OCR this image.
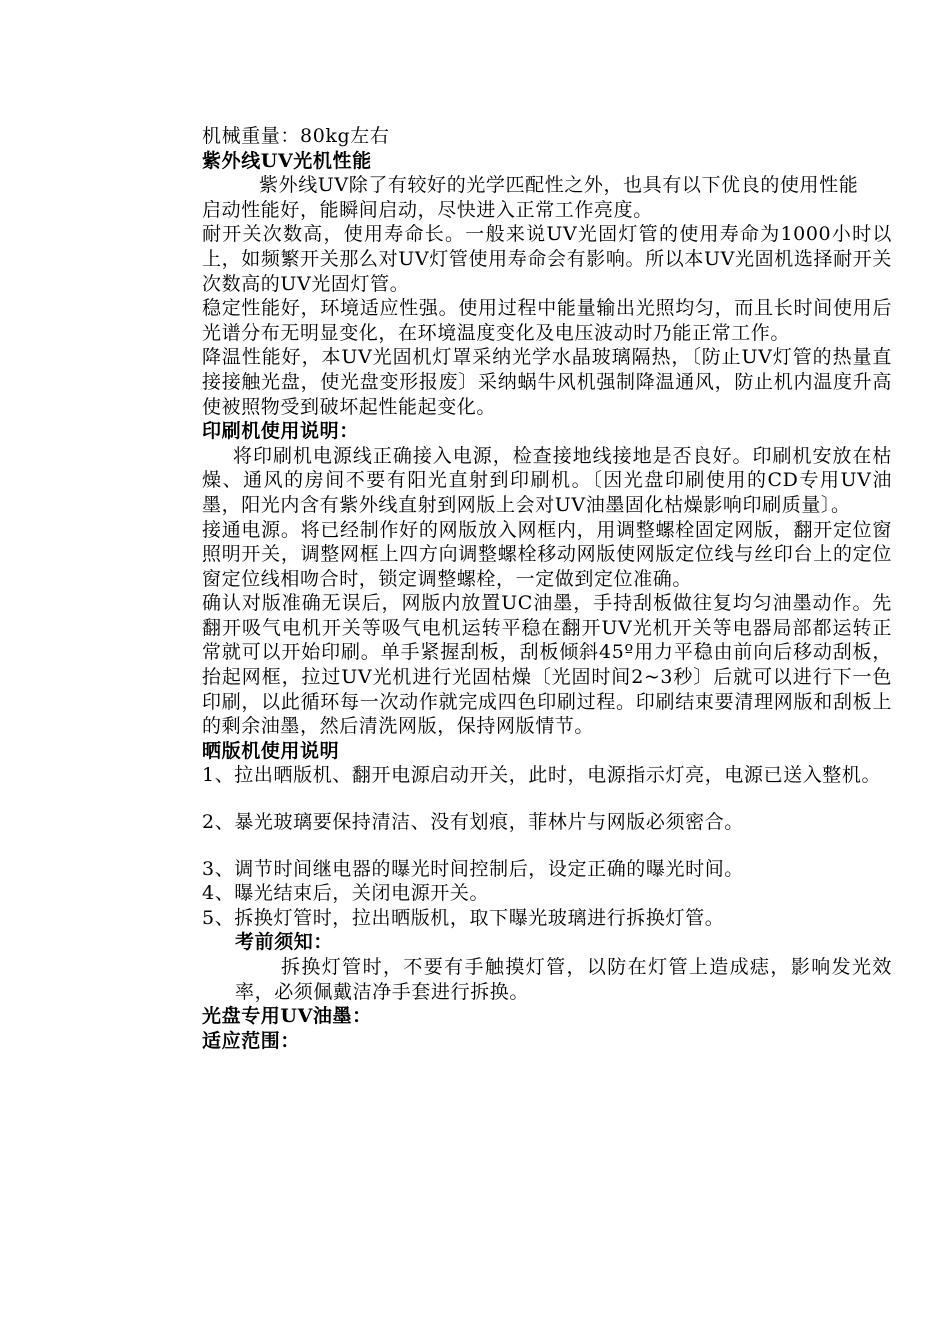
机械重量：80kg左右
紫外线UV光机性能
紫外线UV除了有较好的光学匹配性之外，也具有以下优良的使用性能
启动性能好，能瞬间启动，尽快进入正常工作亮度。
耐开关次数高，使用寿命长。一般来说UV光固灯管的使用寿命为1000小时以上，如频繁开关那么对UV灯管使用寿命会有影响。所以本UV光固机选择耐开关次数高的UV光固灯管。
稳定性能好，环境适应性强。使用过程中能量输出光照均匀，而且长时间使用后光谱分布无明显变化，在环境温度变化及电压波动时乃能正常工作。
降温性能好，本UV光固机灯罩采纳光学水晶玻璃隔热，〔防止UV灯管的热量直接接触光盘，使光盘变形报废〕采纳蜗牛风机强制降温通风，防止机内温度升高使被照物受到破坏起性能起变化。
印刷机使用说明：
将印刷机电源线正确接入电源，检查接地线接地是否良好。印刷机安放在枯燥、通风的房间不要有阳光直射到印刷机。〔因光盘印刷使用的CD专用UV油墨，阳光内含有紫外线直射到网版上会对UV油墨固化枯燥影响印刷质量〕。
接通电源。将已经制作好的网版放入网框内，用调整螺栓固定网版，翻开定位窗照明开关，调整网框上四方向调整螺栓移动网版使网版定位线与丝印台上的定位窗定位线相吻合时，锁定调整螺栓，一定做到定位准确。
确认对版准确无误后，网版内放置UC油墨，手持刮板做往复均匀油墨动作。先翻开吸气电机开关等吸气电机运转平稳在翻开UV光机开关等电器局部都运转正常就可以开始印刷。单手紧握刮板，刮板倾斜45º用力平稳由前向后移动刮板，抬起网框，拉过UV光机进行光固枯燥〔光固时间2~3秒〕后就可以进行下一色印刷，以此循环每一次动作就完成四色印刷过程。印刷结束要清理网版和刮板上的剩余油墨，然后清洗网版，保持网版情节。
晒版机使用说明
1、拉出晒版机、翻开电源启动开关，此时，电源指示灯亮，电源已送入整机。
2、暴光玻璃要保持清洁、没有划痕，菲林片与网版必须密合。
3、调节时间继电器的曝光时间控制后，设定正确的曝光时间。
4、曝光结束后，关闭电源开关。
5、拆换灯管时，拉出晒版机，取下曝光玻璃进行拆换灯管。
考前须知：
拆换灯管时，不要有手触摸灯管，以防在灯管上造成痣，影响发光效率，必须佩戴洁净手套进行拆换。
光盘专用UV油墨：
适应范围：
